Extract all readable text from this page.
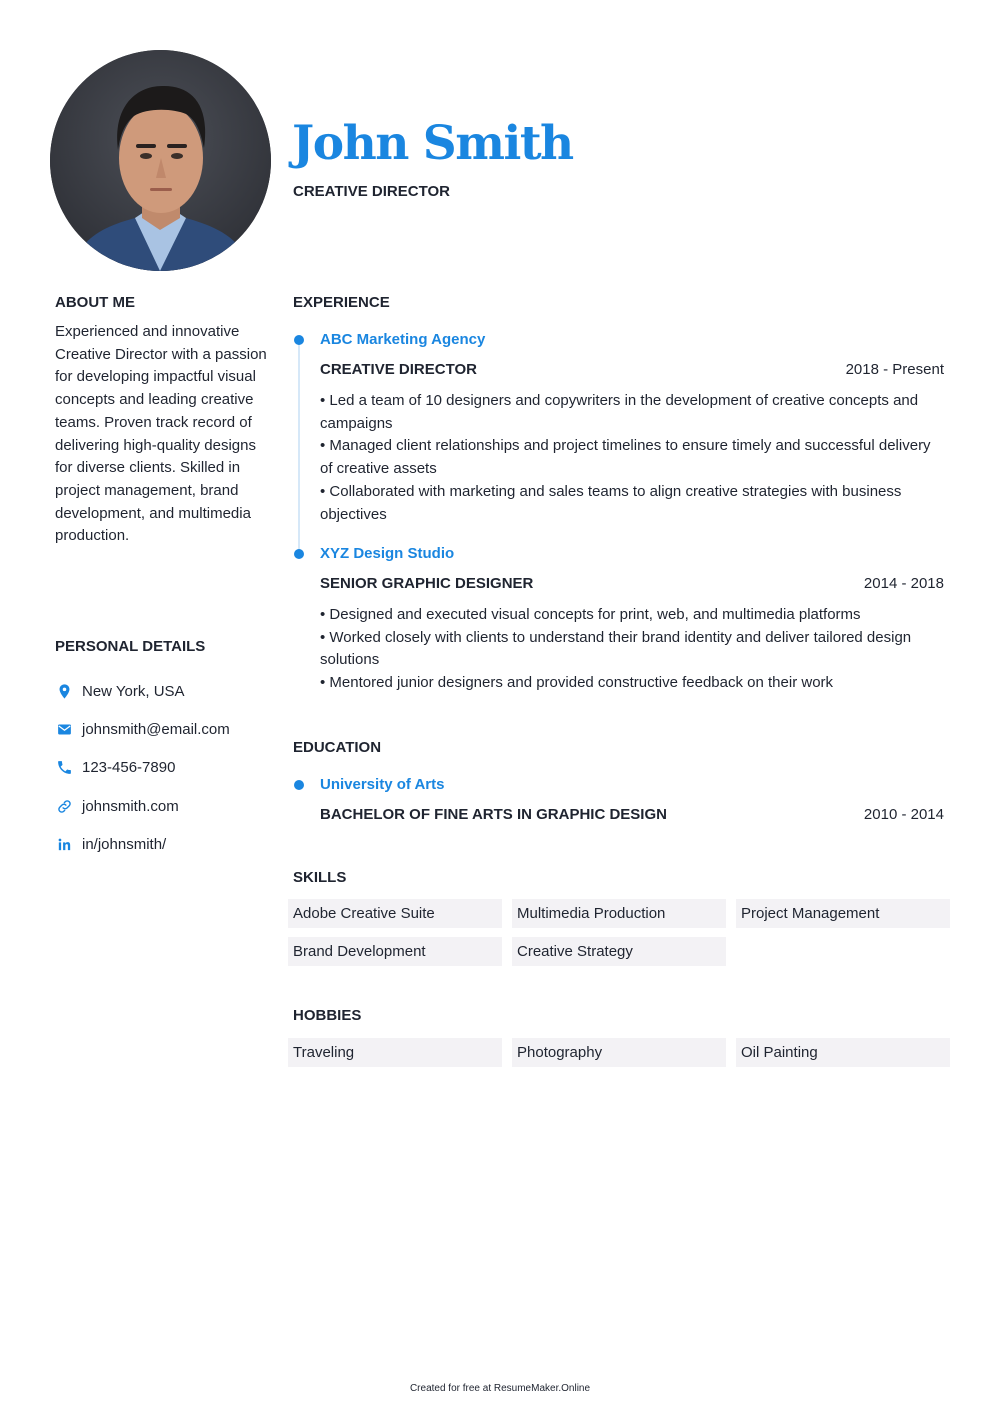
John Smith
CREATIVE DIRECTOR
ABOUT ME

Experienced and innovative Creative Director with a passion for developing impactful visual concepts and leading creative teams. Proven track record of delivering high-quality designs for diverse clients. Skilled in project management, brand development, and multimedia production.

PERSONAL DETAILS
New York, USA
johnsmith@email.com
123-456-7890
johnsmith.com
in/johnsmith/
EXPERIENCE
ABC Marketing Agency
CREATIVE DIRECTOR	2018 - Present
• Led a team of 10 designers and copywriters in the development of creative concepts and campaigns
• Managed client relationships and project timelines to ensure timely and successful delivery of creative assets
• Collaborated with marketing and sales teams to align creative strategies with business objectives
XYZ Design Studio
SENIOR GRAPHIC DESIGNER	2014 - 2018
• Designed and executed visual concepts for print, web, and multimedia platforms
• Worked closely with clients to understand their brand identity and deliver tailored design solutions
• Mentored junior designers and provided constructive feedback on their work
EDUCATION
University of Arts
BACHELOR OF FINE ARTS IN GRAPHIC DESIGN	2010 - 2014
SKILLS
Adobe Creative Suite	Multimedia Production	Project Management
Brand Development	Creative Strategy
HOBBIES
Traveling	Photography	Oil Painting
Created for free at ResumeMaker.Online
